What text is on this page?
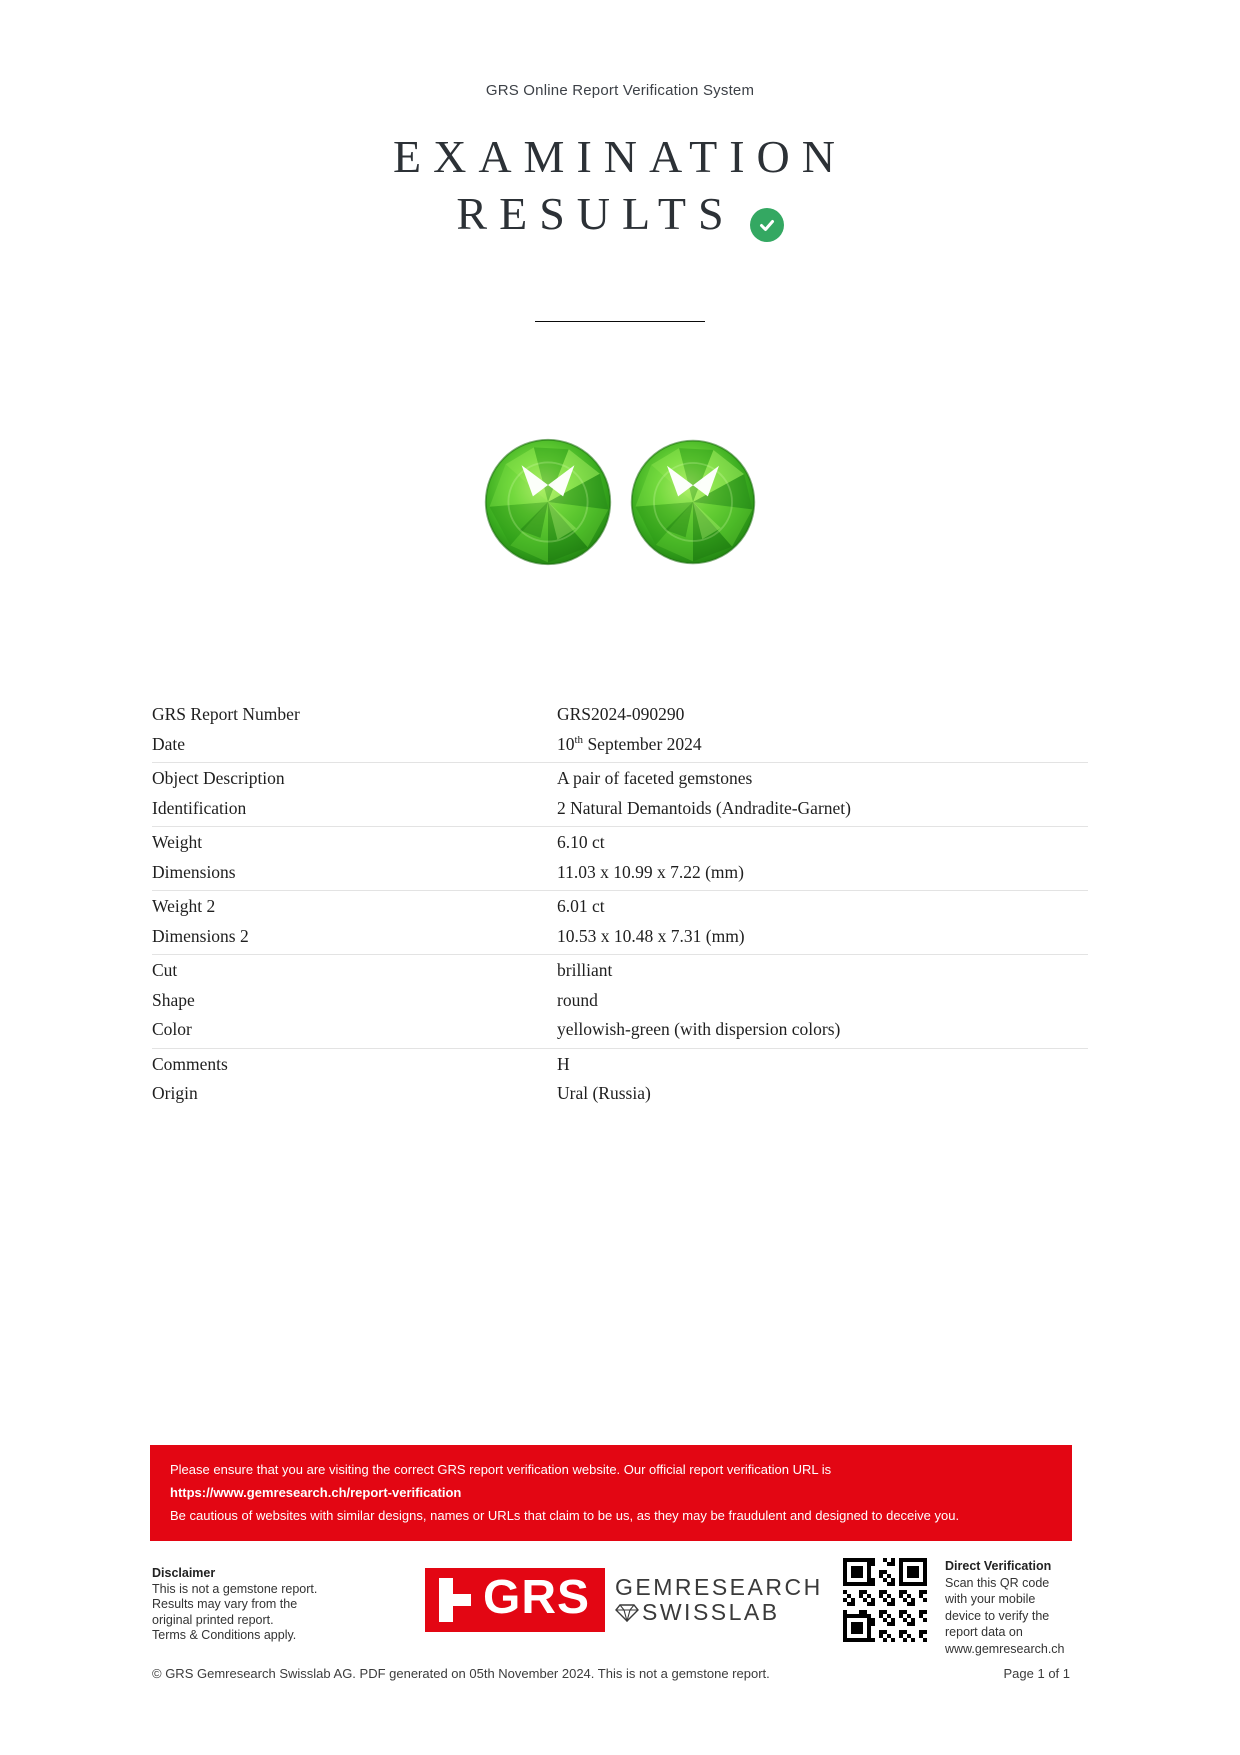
GRS Online Report Verification System
EXAMINATION
RESULTS
GRS Report Number	GRS2024-090290
Date	10th September 2024
Object Description	A pair of faceted gemstones
Identification	2 Natural Demantoids (Andradite-Garnet)
Weight	6.10 ct
Dimensions	11.03 x 10.99 x 7.22 (mm)
Weight 2	6.01 ct
Dimensions 2	10.53 x 10.48 x 7.31 (mm)
Cut	brilliant
Shape	round
Color	yellowish-green (with dispersion colors)
Comments	H
Origin	Ural (Russia)
Please ensure that you are visiting the correct GRS report verification website. Our official report verification URL is
https://www.gemresearch.ch/report-verification
Be cautious of websites with similar designs, names or URLs that claim to be us, as they may be fraudulent and designed to deceive you.
Disclaimer
This is not a gemstone report.
Results may vary from the
original printed report.
Terms & Conditions apply.
GRS GEMRESEARCH
SWISSLAB
Direct Verification
Scan this QR code
with your mobile
device to verify the
report data on
www.gemresearch.ch
© GRS Gemresearch Swisslab AG. PDF generated on 05th November 2024. This is not a gemstone report.	Page 1 of 1
